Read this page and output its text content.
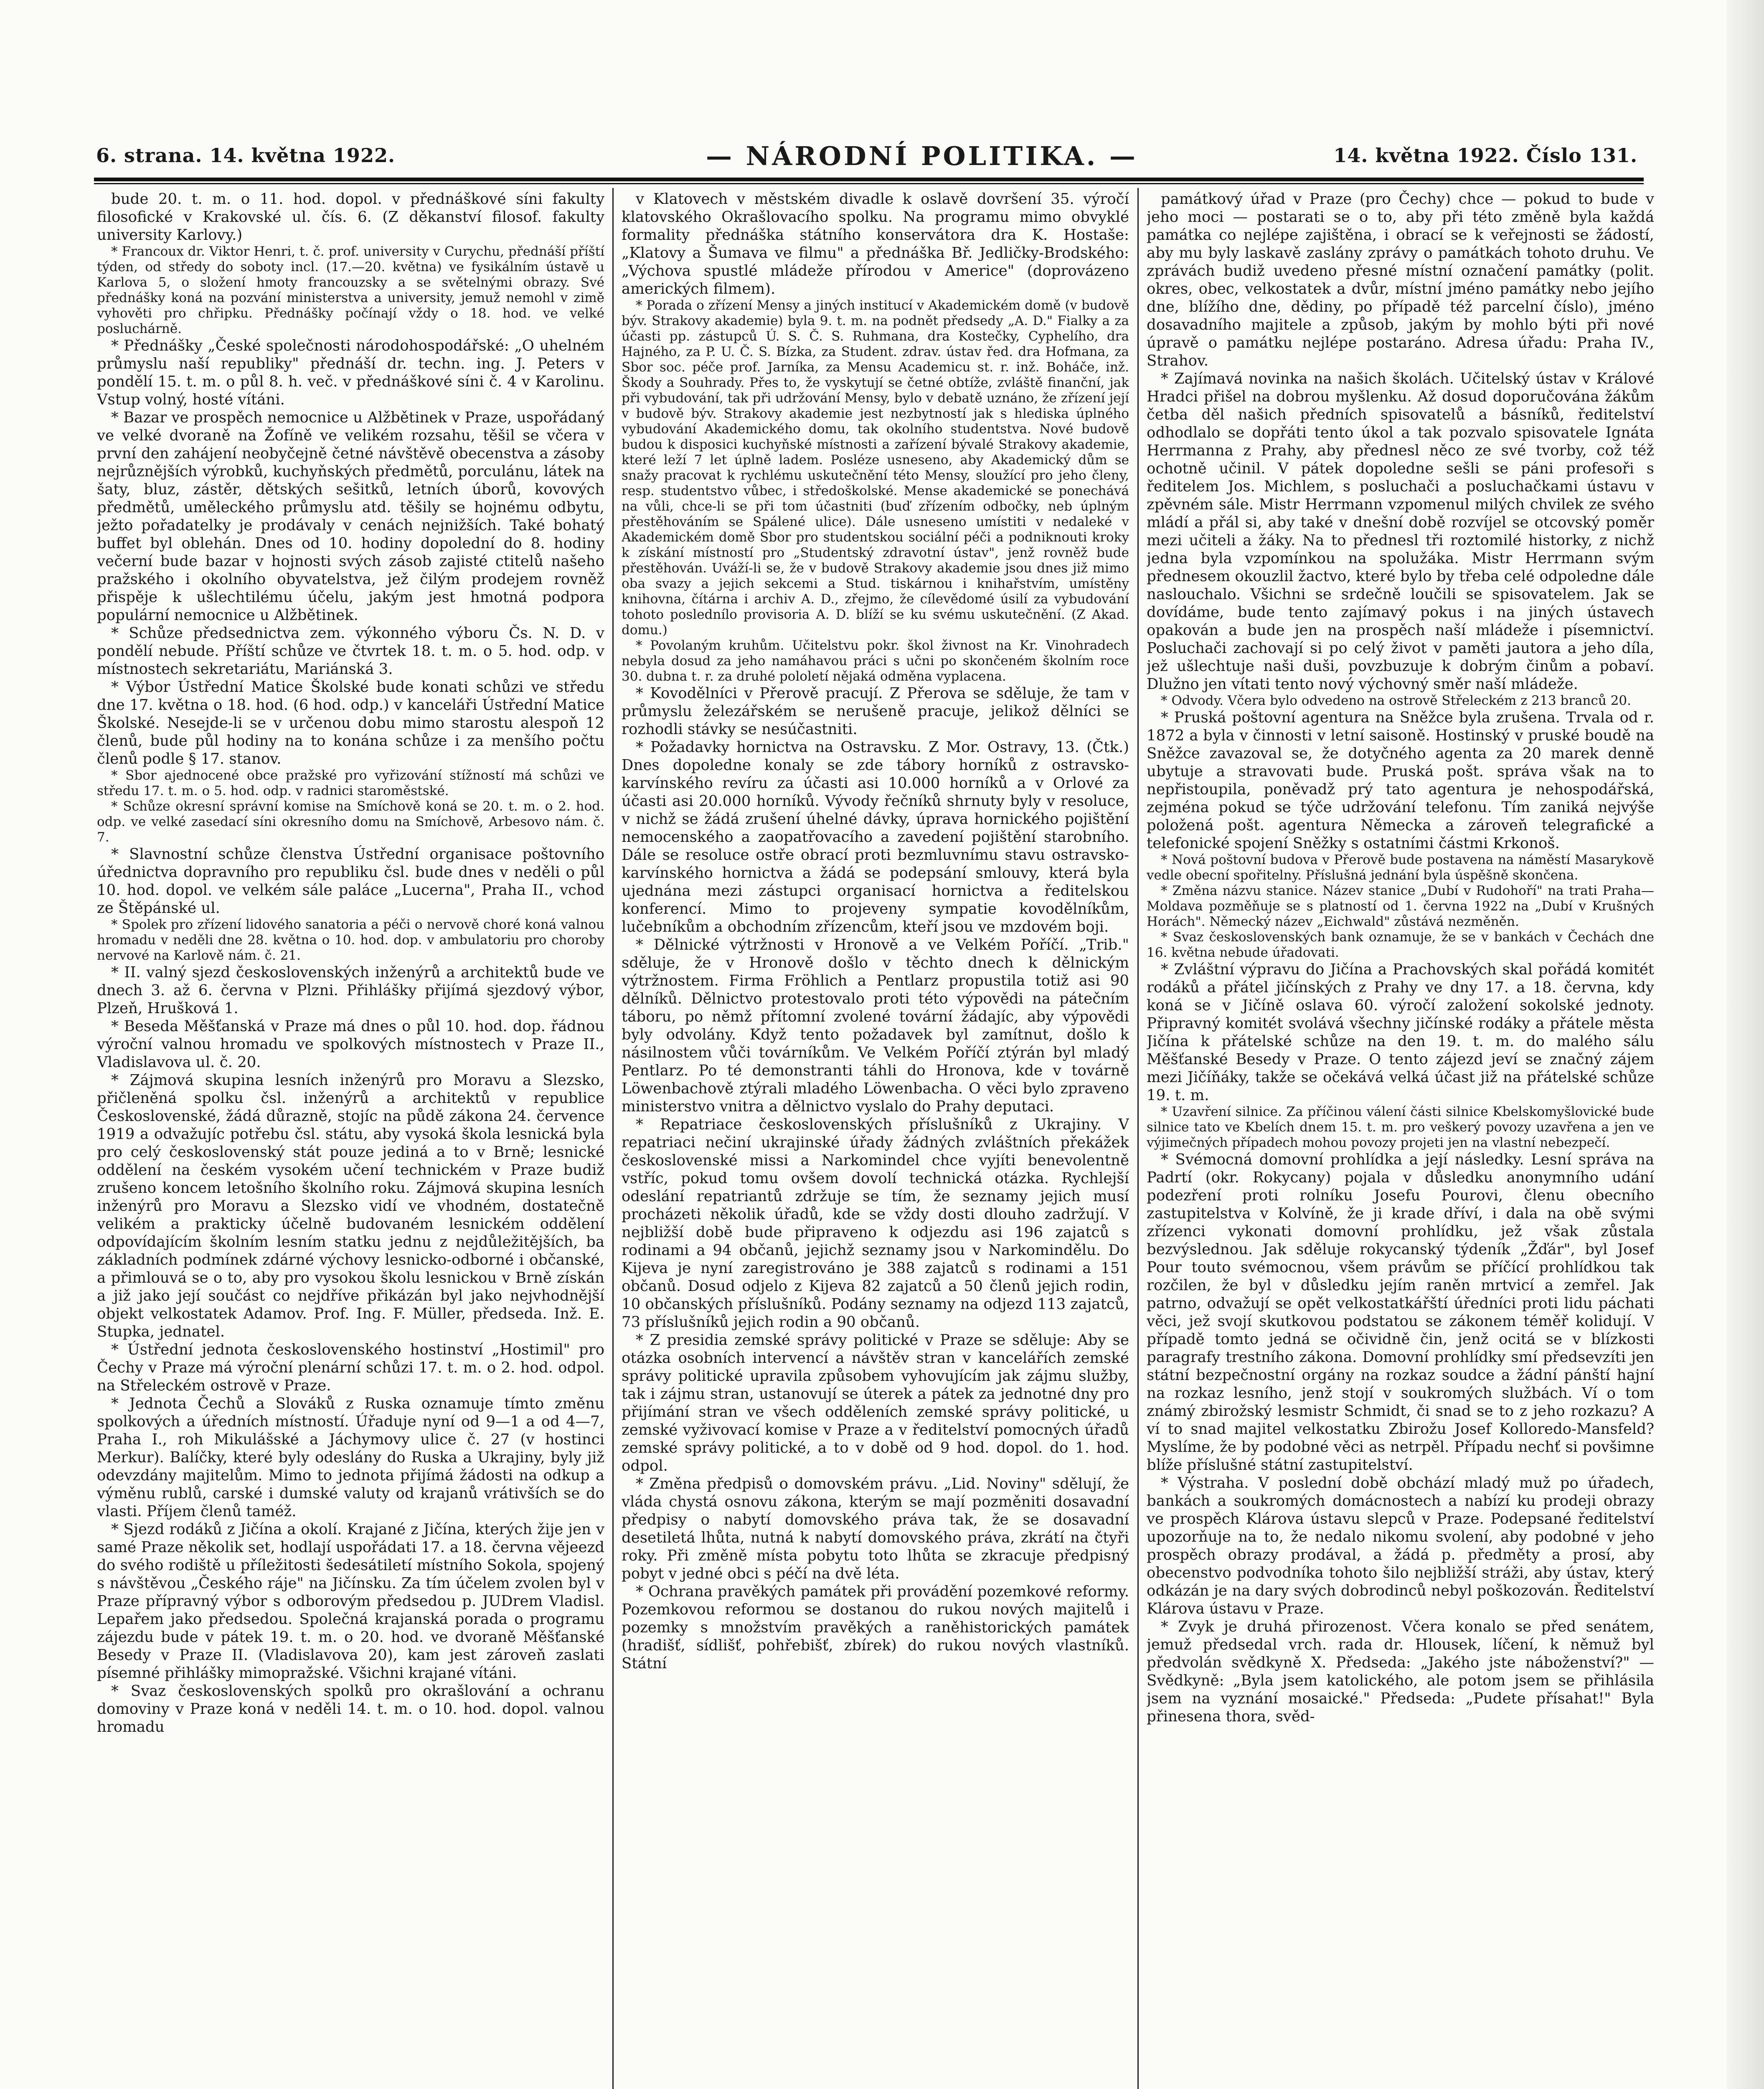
6. strana. 14. května 1922.	— NÁRODNÍ POLITIKA. —	14. května 1922. Číslo 131.

bude 20. t. m. o 11. hod. dopol. v přednáškové síni fakulty filosofické v Krakovské ul. čís. 6. (Z děkanství filosof. fakulty university Karlovy.)

* Francoux dr. Viktor Henri, t. č. prof. university v Curychu, přednáší příští týden, od středy do soboty incl. (17.—20. května) ve fysikálním ústavě u Karlova 5, o složení hmoty francouzsky a se světelnými obrazy. Své přednášky koná na pozvání ministerstva a university, jemuž nemohl v zimě vyhověti pro chřipku. Přednášky počínají vždy o 18. hod. ve velké posluchárně.

* Přednášky „České společnosti národohospodářské: „O uhelném průmyslu naší republiky" přednáší dr. techn. ing. J. Peters v pondělí 15. t. m. o půl 8. h. več. v přednáškové síni č. 4 v Karolinu. Vstup volný, hosté vítáni.

* Bazar ve prospěch nemocnice u Alžbětinek v Praze, uspořádaný ve velké dvoraně na Žofíně ve velikém rozsahu, těšil se včera v první den zahájení neobyčejně četné návštěvě obecenstva a zásoby nejrůznějších výrobků, kuchyňských předmětů, porculánu, látek na šaty, bluz, zástěr, dětských sešitků, letních úborů, kovových předmětů, uměleckého průmyslu atd. těšily se hojnému odbytu, ježto pořadatelky je prodávaly v cenách nejnižších. Také bohatý buffet byl oblehán. Dnes od 10. hodiny dopolední do 8. hodiny večerní bude bazar v hojnosti svých zásob zajisté ctitelů našeho pražského i okolního obyvatelstva, jež čilým prodejem rovněž přispěje k ušlechtilému účelu, jakým jest hmotná podpora populární nemocnice u Alžbětinek.

* Schůze předsednictva zem. výkonného výboru Čs. N. D. v pondělí nebude. Příští schůze ve čtvrtek 18. t. m. o 5. hod. odp. v místnostech sekretariátu, Mariánská 3.

* Výbor Ústřední Matice Školské bude konati schůzi ve středu dne 17. května o 18. hod. (6 hod. odp.) v kanceláři Ústřední Matice Školské. Nesejde-li se v určenou dobu mimo starostu alespoň 12 členů, bude půl hodiny na to konána schůze i za menšího počtu členů podle § 17. stanov.

* Sbor ajednocené obce pražské pro vyřizování stížností má schůzi ve středu 17. t. m. o 5. hod. odp. v radnici staroměstské.

* Schůze okresní správní komise na Smíchově koná se 20. t. m. o 2. hod. odp. ve velké zasedací síni okresního domu na Smíchově, Arbesovo nám. č. 7.

* Slavnostní schůze členstva Ústřední organisace poštovního úřednictva dopravního pro republiku čsl. bude dnes v neděli o půl 10. hod. dopol. ve velkém sále paláce „Lucerna", Praha II., vchod ze Štěpánské ul.

* Spolek pro zřízení lidového sanatoria a péči o nervově choré koná valnou hromadu v neděli dne 28. května o 10. hod. dop. v ambulatoriu pro choroby nervové na Karlově nám. č. 21.

* II. valný sjezd československých inženýrů a architektů bude ve dnech 3. až 6. června v Plzni. Přihlášky přijímá sjezdový výbor, Plzeň, Hrušková 1.

* Beseda Měšťanská v Praze má dnes o půl 10. hod. dop. řádnou výroční valnou hromadu ve spolkových místnostech v Praze II., Vladislavova ul. č. 20.

* Zájmová skupina lesních inženýrů pro Moravu a Slezsko, přičleněná spolku čsl. inženýrů a architektů v republice Československé, žádá důrazně, stojíc na půdě zákona 24. července 1919 a odvažujíc potřebu čsl. státu, aby vysoká škola lesnická byla pro celý československý stát pouze jediná a to v Brně; lesnické oddělení na českém vysokém učení technickém v Praze budiž zrušeno koncem letošního školního roku. Zájmová skupina lesních inženýrů pro Moravu a Slezsko vidí ve vhodném, dostatečně velikém a prakticky účelně budovaném lesnickém oddělení odpovídajícím školním lesním statku jednu z nejdůležitějších, ba základních podmínek zdárné výchovy lesnicko-odborné i občanské, a přimlouvá se o to, aby pro vysokou školu lesnickou v Brně získán a již jako její součást co nejdříve přikázán byl jako nejvhodnější objekt velkostatek Adamov. Prof. Ing. F. Müller, předseda. Inž. E. Stupka, jednatel.

* Ústřední jednota československého hostinství „Hostimil" pro Čechy v Praze má výroční plenární schůzi 17. t. m. o 2. hod. odpol. na Střeleckém ostrově v Praze.

* Jednota Čechů a Slováků z Ruska oznamuje tímto změnu spolkových a úředních místností. Úřaduje nyní od 9—1 a od 4—7, Praha I., roh Mikulášské a Jáchymovy ulice č. 27 (v hostinci Merkur). Balíčky, které byly odeslány do Ruska a Ukrajiny, byly již odevzdány majitelům. Mimo to jednota přijímá žádosti na odkup a výměnu rublů, carské i dumské valuty od krajanů vrátivších se do vlasti. Příjem členů taméž.

* Sjezd rodáků z Jičína a okolí. Krajané z Jičína, kterých žije jen v samé Praze několik set, hodlají uspořádati 17. a 18. června vějeezd do svého rodiště u příležitosti šedesátiletí místního Sokola, spojený s návštěvou „Českého ráje" na Jičínsku. Za tím účelem zvolen byl v Praze přípravný výbor s odborovým předsedou p. JUDrem Vladisl. Lepařem jako předsedou. Společná krajanská porada o programu zájezdu bude v pátek 19. t. m. o 20. hod. ve dvoraně Měšťanské Besedy v Praze II. (Vladislavova 20), kam jest zároveň zaslati písemné přihlášky mimopražské. Všichni krajané vítáni.

* Svaz československých spolků pro okrašlování a ochranu domoviny v Praze koná v neděli 14. t. m. o 10. hod. dopol. valnou hromadu

v Klatovech v městském divadle k oslavě dovršení 35. výročí klatovského Okrašlovacího spolku. Na programu mimo obvyklé formality přednáška státního konservátora dra K. Hostaše: „Klatovy a Šumava ve filmu" a přednáška Bř. Jedličky-Brodského: „Výchova spustlé mládeže přírodou v Americe" (doprovázeno amerických filmem).

* Porada o zřízení Mensy a jiných institucí v Akademickém domě (v budově býv. Strakovy akademie) byla 9. t. m. na podnět předsedy „A. D." Fialky a za účasti pp. zástupců Ú. S. Č. S. Ruhmana, dra Kostečky, Cyphelího, dra Hajného, za P. U. Č. S. Bízka, za Student. zdrav. ústav řed. dra Hofmana, za Sbor soc. péče prof. Jarníka, za Mensu Academicu st. r. inž. Boháče, inž. Škody a Souhrady. Přes to, že vyskytují se četné obtíže, zvláště finanční, jak při vybudování, tak při udržování Mensy, bylo v debatě uznáno, že zřízení její v budově býv. Strakovy akademie jest nezbytností jak s hlediska úplného vybudování Akademického domu, tak okolního studentstva. Nové budově budou k disposici kuchyňské místnosti a zařízení bývalé Strakovy akademie, které leží 7 let úplně ladem. Posléze usneseno, aby Akademický dům se snažy pracovat k rychlému uskutečnění této Mensy, sloužící pro jeho členy, resp. studentstvo vůbec, i středoškolské. Mense akademické se ponechává na vůli, chce-li se při tom účastniti (buď zřízením odbočky, neb úplným přestěhováním se Spálené ulice). Dále usneseno umístiti v nedaleké v Akademickém domě Sbor pro studentskou sociální péči a podniknouti kroky k získání místností pro „Studentský zdravotní ústav", jenž rovněž bude přestěhován. Uváží-li se, že v budově Strakovy akademie jsou dnes již mimo oba svazy a jejich sekcemi a Stud. tiskárnou i knihařstvím, umístěny knihovna, čítárna i archiv A. D., zřejmo, že cílevědomé úsilí za vybudování tohoto poslednílo provisoria A. D. blíží se ku svému uskutečnění. (Z Akad. domu.)

* Povolaným kruhům. Učitelstvu pokr. škol živnost na Kr. Vinohradech nebyla dosud za jeho namáhavou práci s učni po skončeném školním roce 30. dubna t. r. za druhé pololetí nějaká odměna vyplacena.

* Kovodělníci v Přerově pracují. Z Přerova se sděluje, že tam v průmyslu železářském se nerušeně pracuje, jelikož dělníci se rozhodli stávky se nesúčastniti.

* Požadavky hornictva na Ostravsku. Z Mor. Ostravy, 13. (Čtk.) Dnes dopoledne konaly se zde tábory horníků z ostravsko-karvínského revíru za účasti asi 10.000 horníků a v Orlové za účasti asi 20.000 horníků. Vývody řečníků shrnuty byly v resoluce, v nichž se žádá zrušení úhelné dávky, úprava hornického pojištění nemocenského a zaopatřovacího a zavedení pojištění starobního. Dále se resoluce ostře obrací proti bezmluvnímu stavu ostravsko-karvínského hornictva a žádá se podepsání smlouvy, která byla ujednána mezi zástupci organisací hornictva a ředitelskou konferencí. Mimo to projeveny sympatie kovodělníkům, lučebníkům a obchodním zřízencům, kteří jsou ve mzdovém boji.

* Dělnické výtržnosti v Hronově a ve Velkém Poříčí. „Trib." sděluje, že v Hronově došlo v těchto dnech k dělnickým výtržnostem. Firma Fröhlich a Pentlarz propustila totiž asi 90 dělníků. Dělnictvo protestovalo proti této výpovědi na pátečním táboru, po němž přítomní zvolené tovární žádajíc, aby výpovědi byly odvolány. Když tento požadavek byl zamítnut, došlo k násilnostem vůči továrníkům. Ve Velkém Poříčí ztýrán byl mladý Pentlarz. Po té demonstranti táhli do Hronova, kde v továrně Löwenbachově ztýrali mladého Löwenbacha. O věci bylo zpraveno ministerstvo vnitra a dělnictvo vyslalo do Prahy deputaci.

* Repatriace československých příslušníků z Ukrajiny. V repatriaci nečiní ukrajinské úřady žádných zvláštních překážek československé missi a Narkomindel chce vyjíti benevolentně vstříc, pokud tomu ovšem dovolí technická otázka. Rychlejší odeslání repatriantů zdržuje se tím, že seznamy jejich musí procházeti několik úřadů, kde se vždy dosti dlouho zadržují. V nejbližší době bude připraveno k odjezdu asi 196 zajatců s rodinami a 94 občanů, jejichž seznamy jsou v Narkomindělu. Do Kijeva je nyní zaregistrováno je 388 zajatců s rodinami a 151 občanů. Dosud odjelo z Kijeva 82 zajatců a 50 členů jejich rodin, 10 občanských příslušníků. Podány seznamy na odjezd 113 zajatců, 73 příslušníků jejich rodin a 90 občanů.

* Z presidia zemské správy politické v Praze se sděluje: Aby se otázka osobních intervencí a návštěv stran v kancelářích zemské správy politické upravila způsobem vyhovujícím jak zájmu služby, tak i zájmu stran, ustanovují se úterek a pátek za jednotné dny pro přijímání stran ve všech odděleních zemské správy politické, u zemské vyživovací komise v Praze a v ředitelství pomocných úřadů zemské správy politické, a to v době od 9 hod. dopol. do 1. hod. odpol.

* Změna předpisů o domovském právu. „Lid. Noviny" sdělují, že vláda chystá osnovu zákona, kterým se mají pozměniti dosavadní předpisy o nabytí domovského práva tak, že se dosavadní desetiletá lhůta, nutná k nabytí domovského práva, zkrátí na čtyři roky. Při změně místa pobytu toto lhůta se zkracuje předpisný pobyt v jedné obci s péčí na dvě léta.

* Ochrana pravěkých památek při provádění pozemkové reformy. Pozemkovou reformou se dostanou do rukou nových majitelů i pozemky s množstvím pravěkých a raněhistorických památek (hradišť, sídlišť, pohřebišť, zbírek) do rukou nových vlastníků. Státní

památkový úřad v Praze (pro Čechy) chce — pokud to bude v jeho moci — postarati se o to, aby při této změně byla každá památka co nejlépe zajištěna, i obrací se k veřejnosti se žádostí, aby mu byly laskavě zaslány zprávy o památkách tohoto druhu. Ve zprávách budiž uvedeno přesné místní označení památky (polit. okres, obec, velkostatek a dvůr, místní jméno památky nebo jejího dne, blížího dne, dědiny, po případě též parcelní číslo), jméno dosavadního majitele a způsob, jakým by mohlo býti při nové úpravě o památku nejlépe postaráno. Adresa úřadu: Praha IV., Strahov.

* Zajímavá novinka na našich školách. Učitelský ústav v Králové Hradci přišel na dobrou myšlenku. Až dosud doporučována žákům četba děl našich předních spisovatelů a básníků, ředitelství odhodlalo se dopřáti tento úkol a tak pozvalo spisovatele Ignáta Herrmanna z Prahy, aby přednesl něco ze své tvorby, což též ochotně učinil. V pátek dopoledne sešli se páni profesoři s ředitelem Jos. Michlem, s posluchači a posluchačkami ústavu v zpěvném sále. Mistr Herrmann vzpomenul milých chvilek ze svého mládí a přál si, aby také v dnešní době rozvíjel se otcovský poměr mezi učiteli a žáky. Na to přednesl tři roztomilé historky, z nichž jedna byla vzpomínkou na spolužáka. Mistr Herrmann svým přednesem okouzlil žactvo, které bylo by třeba celé odpoledne dále naslouchalo. Všichni se srdečně loučili se spisovatelem. Jak se dovídáme, bude tento zajímavý pokus i na jiných ústavech opakován a bude jen na prospěch naší mládeže i písemnictví. Posluchači zachovají si po celý život v paměti jautora a jeho díla, jež ušlechtuje naši duši, povzbuzuje k dobrým činům a pobaví. Dlužno jen vítati tento nový výchovný směr naší mládeže.

* Odvody. Včera bylo odvedeno na ostrově Střeleckém z 213 branců 20.

* Pruská poštovní agentura na Sněžce byla zrušena. Trvala od r. 1872 a byla v činnosti v letní saisoně. Hostinský v pruské boudě na Sněžce zavazoval se, že dotyčného agenta za 20 marek denně ubytuje a stravovati bude. Pruská pošt. správa však na to nepřistoupila, poněvadž prý tato agentura je nehospodářská, zejména pokud se týče udržování telefonu. Tím zaniká nejvýše položená pošt. agentura Německa a zároveň telegrafické a telefonické spojení Sněžky s ostatními částmi Krkonoš.

* Nová poštovní budova v Přerově bude postavena na náměstí Masarykově vedle obecní spořitelny. Příslušná jednání byla úspěšně skončena.

* Změna názvu stanice. Název stanice „Dubí v Rudohoří" na trati Praha—Moldava pozměňuje se s platností od 1. června 1922 na „Dubí v Krušných Horách". Německý název „Eichwald" zůstává nezměněn.

* Svaz československých bank oznamuje, že se v bankách v Čechách dne 16. května nebude úřadovati.

* Zvláštní výpravu do Jičína a Prachovských skal pořádá komitét rodáků a přátel jičínských z Prahy ve dny 17. a 18. června, kdy koná se v Jičíně oslava 60. výročí založení sokolské jednoty. Připravný komitét svolává všechny jičínské rodáky a přátele města Jičína k přátelské schůze na den 19. t. m. do malého sálu Měšťanské Besedy v Praze. O tento zájezd jeví se značný zájem mezi Jičíňáky, takže se očekává velká účast již na přátelské schůze 19. t. m.

* Uzavření silnice. Za příčinou válení části silnice Kbelskomyšlovické bude silnice tato ve Kbelích dnem 15. t. m. pro veškerý povozy uzavřena a jen ve výjimečných případech mohou povozy projeti jen na vlastní nebezpečí.

* Svémocná domovní prohlídka a její následky. Lesní správa na Padrtí (okr. Rokycany) pojala v důsledku anonymního udání podezření proti rolníku Josefu Pourovi, členu obecního zastupitelstva v Kolvíně, že ji krade dříví, i dala na obě svými zřízenci vykonati domovní prohlídku, jež však zůstala bezvýslednou. Jak sděluje rokycanský týdeník „Žďár", byl Josef Pour touto svémocnou, všem právům se příčící prohlídkou tak rozčilen, že byl v důsledku jejím raněn mrtvicí a zemřel. Jak patrno, odvažují se opět velkostatkářští úředníci proti lidu páchati věci, jež svojí skutkovou podstatou se zákonem téměř kolidují. V případě tomto jedná se očividně čin, jenž ocitá se v blízkosti paragrafy trestního zákona. Domovní prohlídky smí předsevzíti jen státní bezpečnostní orgány na rozkaz soudce a žádní pánští hajní na rozkaz lesního, jenž stojí v soukromých službách. Ví o tom známý zbirožský lesmistr Schmidt, či snad se to z jeho rozkazu? A ví to snad majitel velkostatku Zbirožu Josef Kolloredo-Mansfeld? Myslíme, že by podobné věci as netrpěl. Případu nechť si povšimne blíže příslušné státní zastupitelství.

* Výstraha. V poslední době obchází mladý muž po úřadech, bankách a soukromých domácnostech a nabízí ku prodeji obrazy ve prospěch Klárova ústavu slepců v Praze. Podepsané ředitelství upozorňuje na to, že nedalo nikomu svolení, aby podobné v jeho prospěch obrazy prodával, a žádá p. předměty a prosí, aby obecenstvo podvodníka tohoto šilo nejbližší stráži, aby ústav, který odkázán je na dary svých dobrodinců nebyl poškozován. Ředitelství Klárova ústavu v Praze.

* Zvyk je druhá přirozenost. Včera konalo se před senátem, jemuž předsedal vrch. rada dr. Hlousek, líčení, k němuž byl předvolán svědkyně X. Předseda: „Jakého jste náboženství?" — Svědkyně: „Byla jsem katolického, ale potom jsem se přihlásila jsem na vyznání mosaické." Předseda: „Pudete přísahat!" Byla přinesena thora, svěd-
